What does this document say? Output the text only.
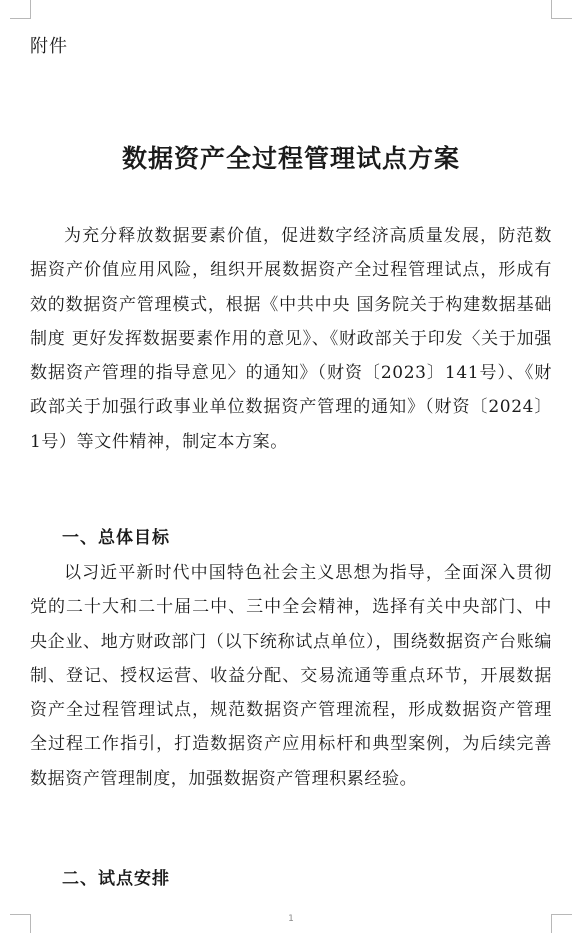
附件

数据资产全过程管理试点方案

为充分释放数据要素价值，促进数字经济高质量发展，防范数据资产价值应用风险，组织开展数据资产全过程管理试点，形成有效的数据资产管理模式，根据《中共中央 国务院关于构建数据基础制度 更好发挥数据要素作用的意见》、《财政部关于印发〈关于加强数据资产管理的指导意见〉的通知》（财资〔2023〕141号）、《财政部关于加强行政事业单位数据资产管理的通知》（财资〔2024〕1号）等文件精神，制定本方案。

一、总体目标

以习近平新时代中国特色社会主义思想为指导，全面深入贯彻党的二十大和二十届二中、三中全会精神，选择有关中央部门、中央企业、地方财政部门（以下统称试点单位），围绕数据资产台账编制、登记、授权运营、收益分配、交易流通等重点环节，开展数据资产全过程管理试点，规范数据资产管理流程，形成数据资产管理全过程工作指引，打造数据资产应用标杆和典型案例，为后续完善数据资产管理制度，加强数据资产管理积累经验。

二、试点安排

1
